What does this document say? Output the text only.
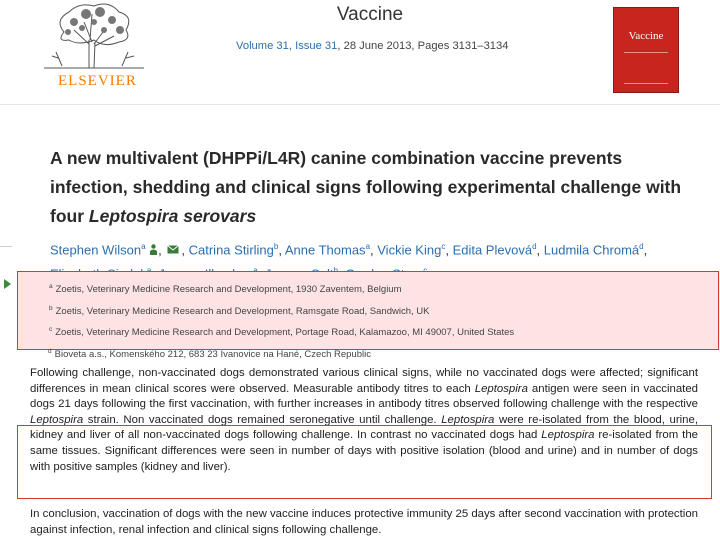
ELSEVIER
Vaccine
Volume 31, Issue 31, 28 June 2013, Pages 3131–3134
Vaccine
A new multivalent (DHPPi/L4R) canine combination vaccine prevents infection, shedding and clinical signs following experimental challenge with four Leptospira serovars
Stephen Wilson$^a$ , , Catrina Stirling$^b$, Anne Thomas$^a$, Vickie King$^c$, Edita Plevová$^d$, Ludmila Chromá$^d$,
$^a$ Zoetis, Veterinary Medicine Research and Development, 1930 Zaventem, Belgium
$^b$ Zoetis, Veterinary Medicine Research and Development, Ramsgate Road, Sandwich, UK
$^c$ Zoetis, Veterinary Medicine Research and Development, Portage Road, Kalamazoo, MI 49007, United States
$^d$ Bioveta a.s., Komenského 212, 683 23 Ivanovice na Hané, Czech Republic
Following challenge, non-vaccinated dogs demonstrated various clinical signs, while no vaccinated dogs were affected; significant differences in mean clinical scores were observed. Measurable antibody titres to each Leptospira antigen were seen in vaccinated dogs 21 days following the first vaccination, with further increases in antibody titres observed following challenge with the respective Leptospira strain. Non vaccinated dogs remained seronegative until challenge. Leptospira were re-isolated from the blood, urine, kidney and liver of all non-vaccinated dogs following challenge. In contrast no vaccinated dogs had Leptospira re-isolated from the same tissues. Significant differences were seen in number of days with positive isolation (blood and urine) and in number of dogs with positive samples (kidney and liver).
In conclusion, vaccination of dogs with the new vaccine induces protective immunity 25 days after second vaccination with protection against infection, renal infection and clinical signs following challenge.
